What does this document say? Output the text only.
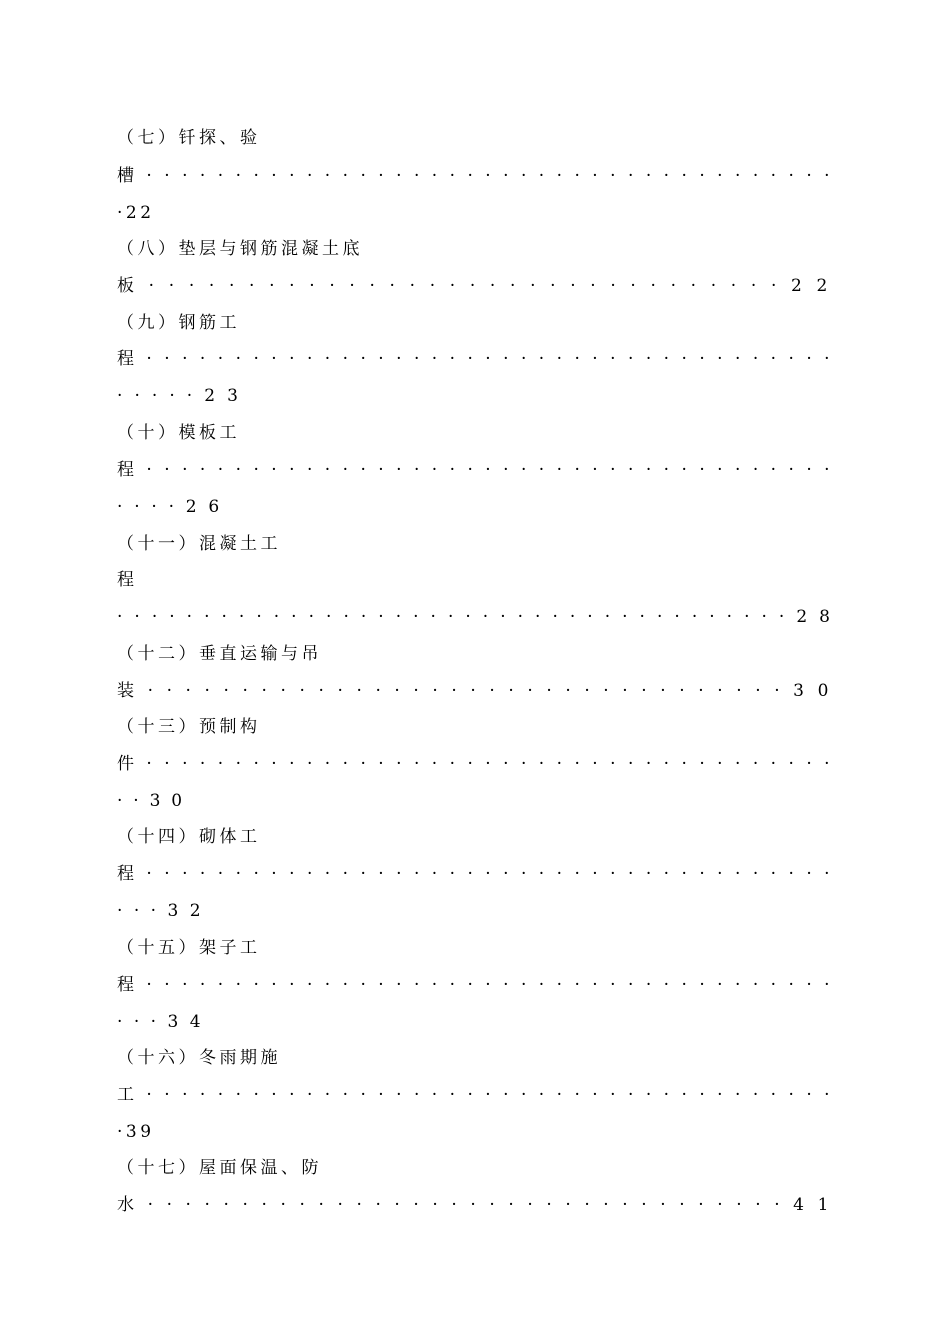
（七）钎探、验
槽·······································
·22
（八）垫层与钢筋混凝土底
板································22
（九）钢筋工
程·······································
·····23
（十）模板工
程·······································
····26
（十一）混凝土工
程
·······································28
（十二）垂直运输与吊
装··································30
（十三）预制构
件·······································
··30
（十四）砌体工
程·······································
···32
（十五）架子工
程·······································
···34
（十六）冬雨期施
工·······································
·39
（十七）屋面保温、防
水··································41
